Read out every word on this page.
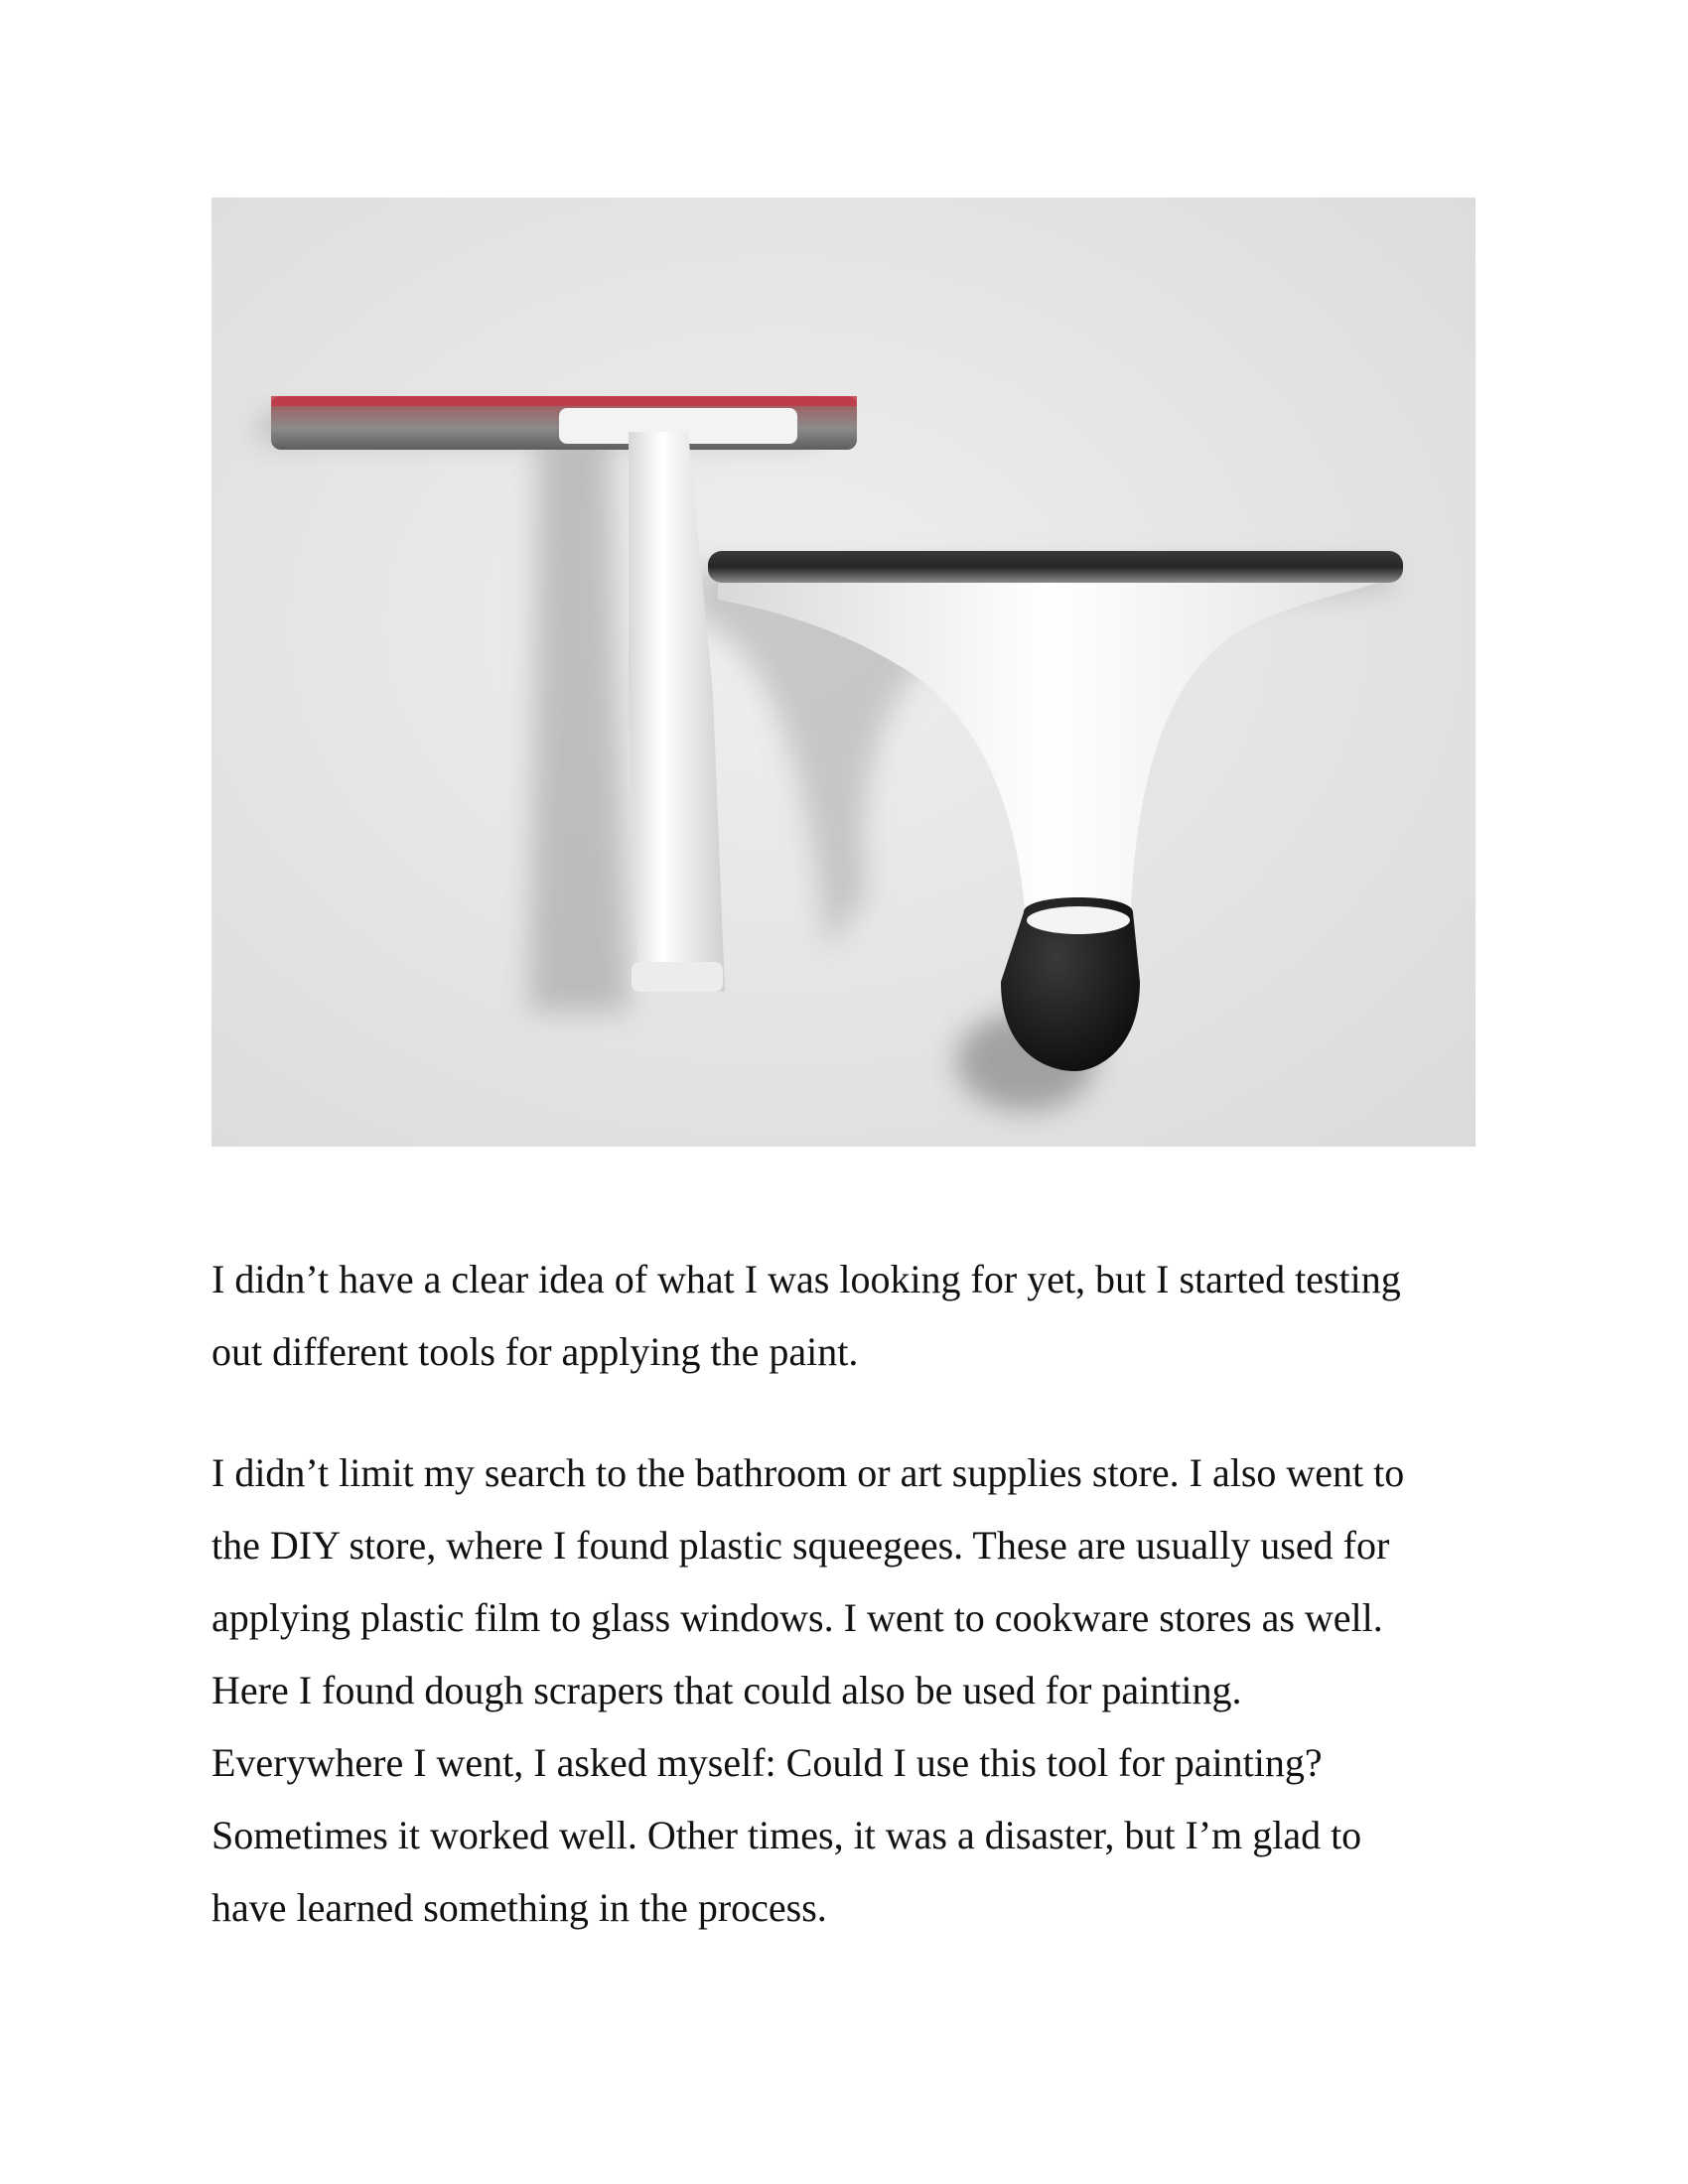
I didn’t have a clear idea of what I was looking for yet, but I started testing
out different tools for applying the paint.

I didn’t limit my search to the bathroom or art supplies store. I also went to
the DIY store, where I found plastic squeegees. These are usually used for
applying plastic film to glass windows. I went to cookware stores as well.
Here I found dough scrapers that could also be used for painting.
Everywhere I went, I asked myself: Could I use this tool for painting?
Sometimes it worked well. Other times, it was a disaster, but I’m glad to
have learned something in the process.
